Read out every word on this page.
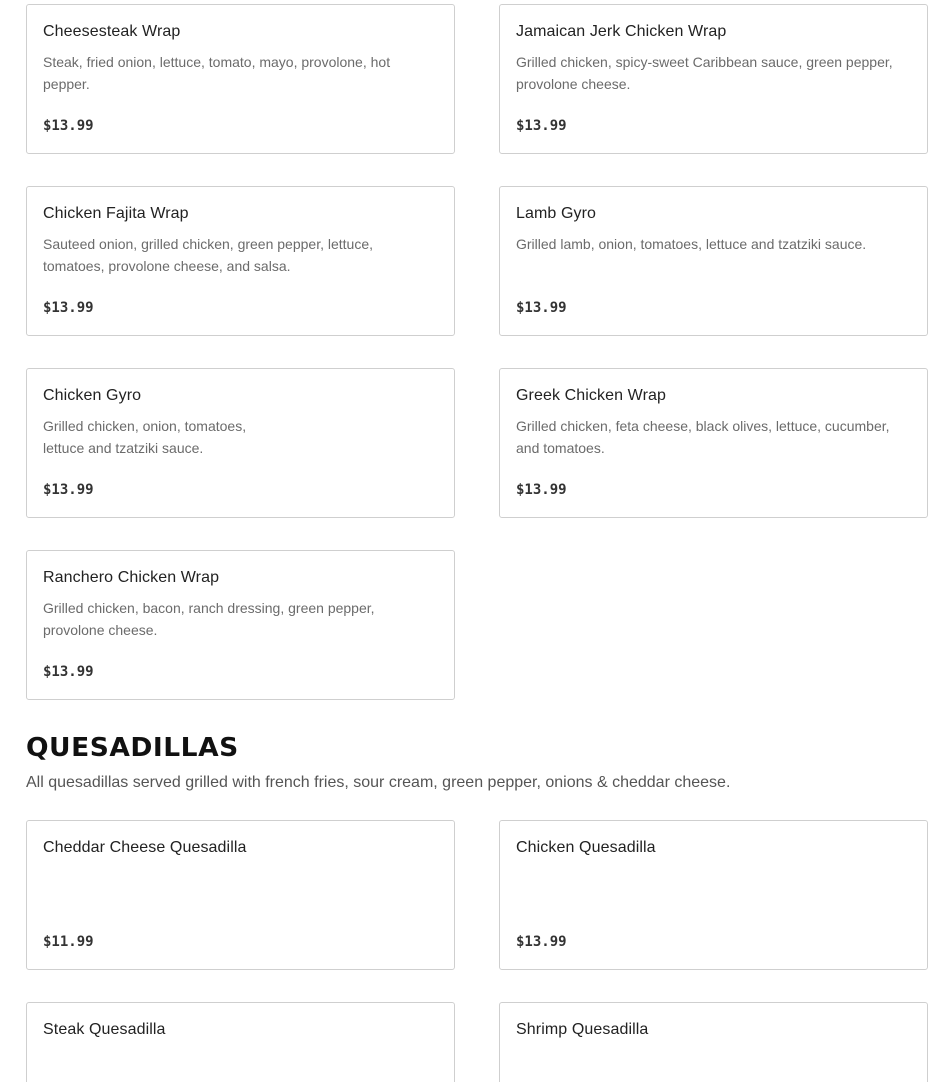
Cheesesteak Wrap
Steak, fried onion, lettuce, tomato, mayo, provolone, hot
pepper.
$13.99
Jamaican Jerk Chicken Wrap
Grilled chicken, spicy-sweet Caribbean sauce, green pepper,
provolone cheese.
$13.99
Chicken Fajita Wrap
Sauteed onion, grilled chicken, green pepper, lettuce,
tomatoes, provolone cheese, and salsa.
$13.99
Lamb Gyro
Grilled lamb, onion, tomatoes, lettuce and tzatziki sauce.
$13.99
Chicken Gyro
Grilled chicken, onion, tomatoes,
lettuce and tzatziki sauce.
$13.99
Greek Chicken Wrap
Grilled chicken, feta cheese, black olives, lettuce, cucumber,
and tomatoes.
$13.99
Ranchero Chicken Wrap
Grilled chicken, bacon, ranch dressing, green pepper,
provolone cheese.
$13.99
QUESADILLAS

All quesadillas served grilled with french fries, sour cream, green pepper, onions & cheddar cheese.

Cheddar Cheese Quesadilla
$11.99
Chicken Quesadilla
$13.99
Steak Quesadilla	Shrimp Quesadilla
